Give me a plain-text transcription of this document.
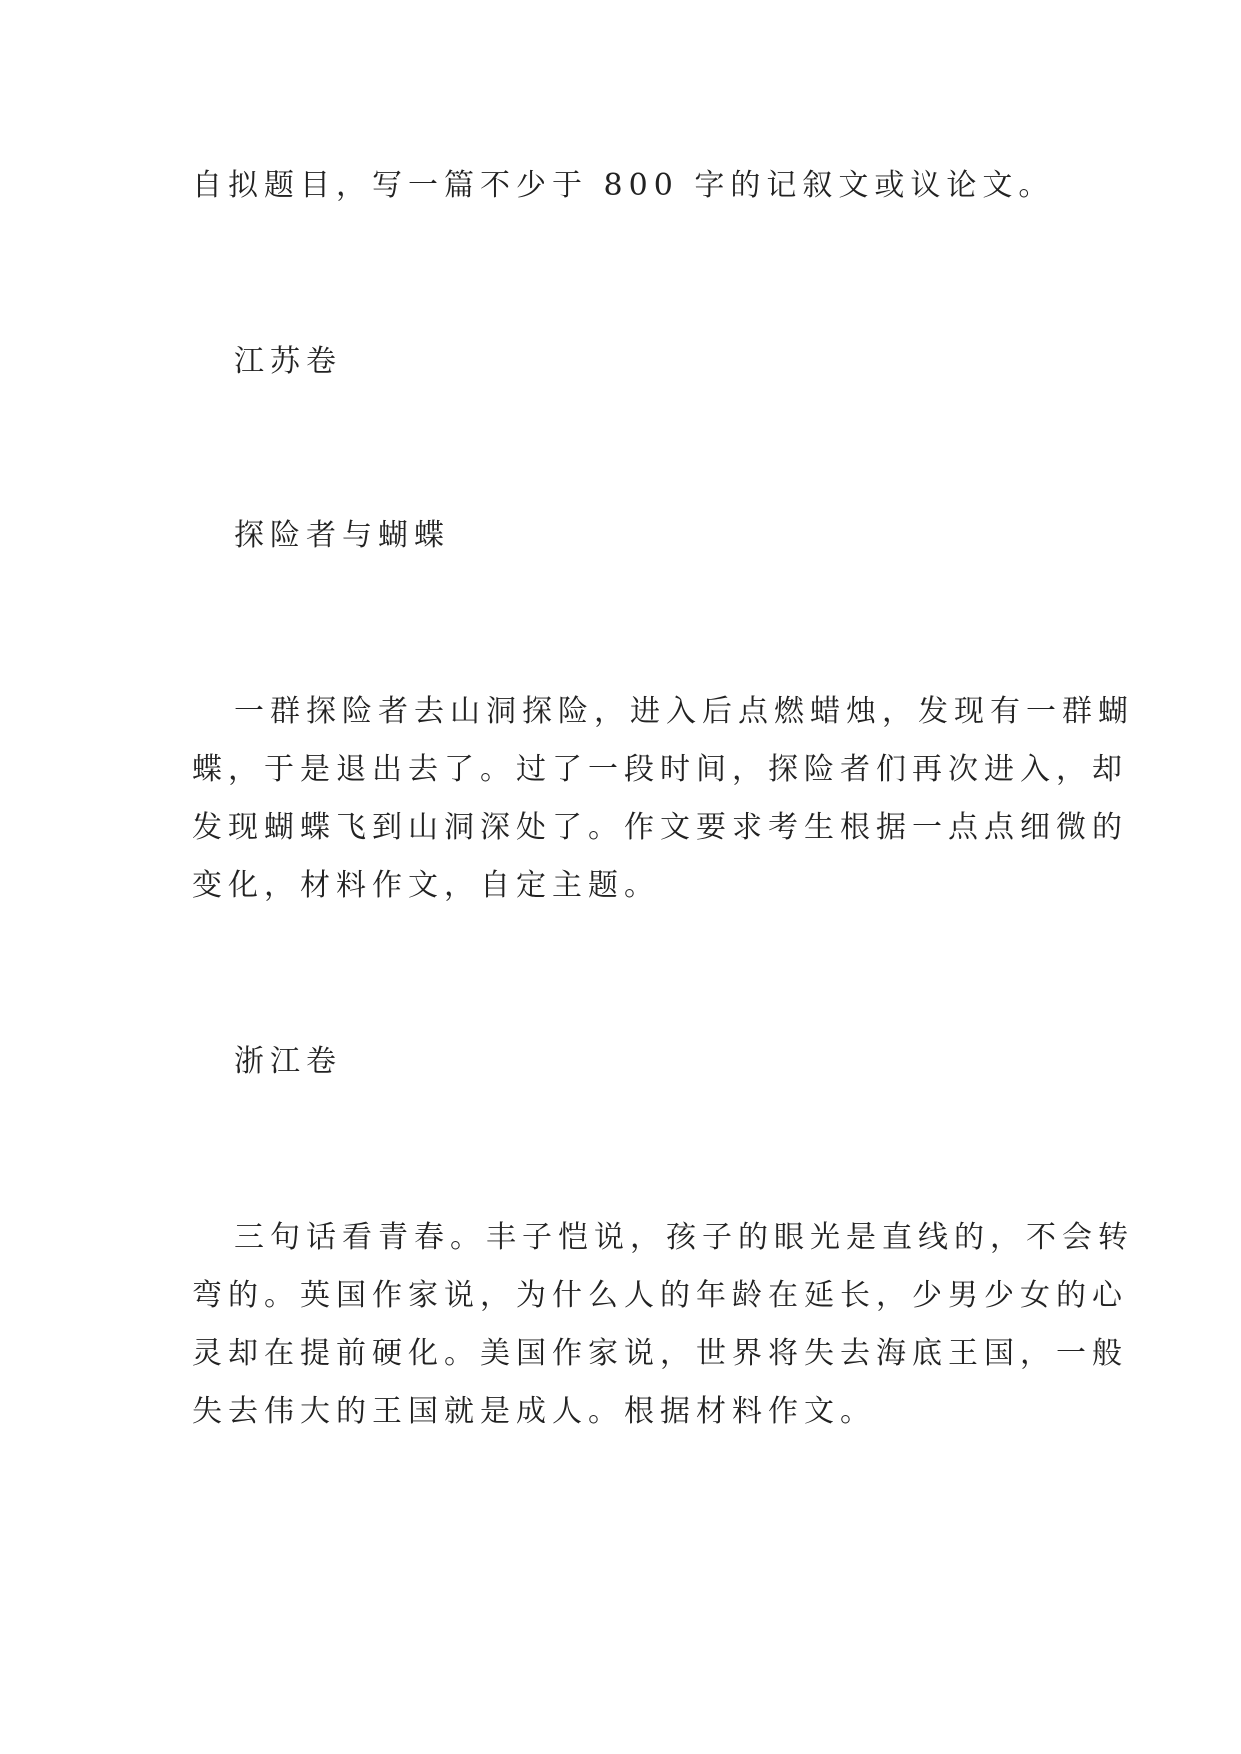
自拟题目，写一篇不少于 800 字的记叙文或议论文。
江苏卷
探险者与蝴蝶
一群探险者去山洞探险，进入后点燃蜡烛，发现有一群蝴
蝶，于是退出去了。过了一段时间，探险者们再次进入，却
发现蝴蝶飞到山洞深处了。作文要求考生根据一点点细微的
变化，材料作文，自定主题。
浙江卷
三句话看青春。丰子恺说，孩子的眼光是直线的，不会转
弯的。英国作家说，为什么人的年龄在延长，少男少女的心
灵却在提前硬化。美国作家说，世界将失去海底王国，一般
失去伟大的王国就是成人。根据材料作文。
